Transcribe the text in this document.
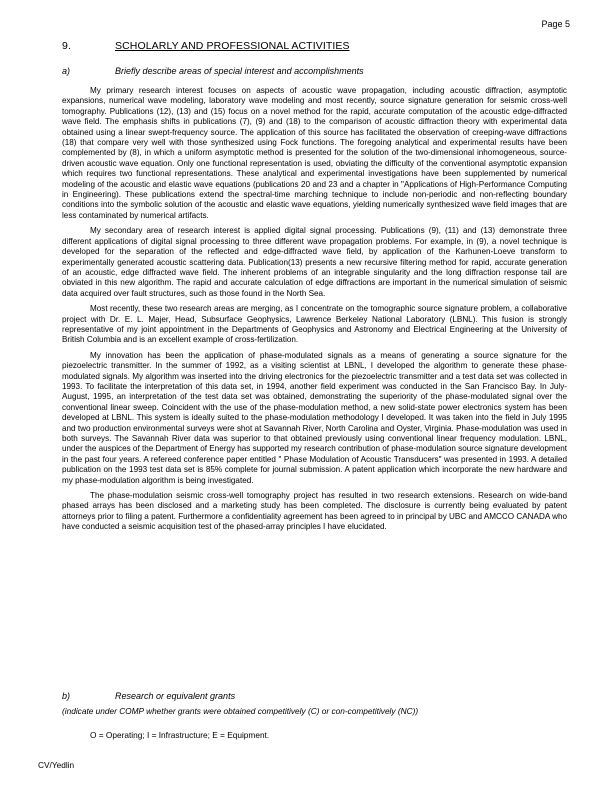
Page 5
9.	SCHOLARLY AND PROFESSIONAL ACTIVITIES
a)	Briefly describe areas of special interest and accomplishments

My primary research interest focuses on aspects of acoustic wave propagation, including acoustic diffraction, asymptotic expansions, numerical wave modeling, laboratory wave modeling and most recently, source signature generation for seismic cross-well tomography. Publications (12), (13) and (15) focus on a novel method for the rapid, accurate computation of the acoustic edge-diffracted wave field. The emphasis shifts in publications (7), (9) and (18) to the comparison of acoustic diffraction theory with experimental data obtained using a linear swept-frequency source. The application of this source has facilitated the observation of creeping-wave diffractions (18) that compare very well with those synthesized using Fock functions. The foregoing analytical and experimental results have been complemented by (8), in which a uniform asymptotic method is presented for the solution of the two-dimensional inhomogeneous, source-driven acoustic wave equation. Only one functional representation is used, obviating the difficulty of the conventional asymptotic expansion which requires two functional representations. These analytical and experimental investigations have been supplemented by numerical modeling of the acoustic and elastic wave equations (publications 20 and 23 and a chapter in "Applications of High-Performance Computing in Engineering). These publications extend the spectral-time marching technique to include non-periodic and non-reflecting boundary conditions into the symbolic solution of the acoustic and elastic wave equations, yielding numerically synthesized wave field images that are less contaminated by numerical artifacts.

My secondary area of research interest is applied digital signal processing. Publications (9), (11) and (13) demonstrate three different applications of digital signal processing to three different wave propagation problems. For example, in (9), a novel technique is developed for the separation of the reflected and edge-diffracted wave field, by application of the Karhunen-Loeve transform to experimentally generated acoustic scattering data. Publication(13) presents a new recursive filtering method for rapid, accurate generation of an acoustic, edge diffracted wave field. The inherent problems of an integrable singularity and the long diffraction response tail are obviated in this new algorithm. The rapid and accurate calculation of edge diffractions are important in the numerical simulation of seismic data acquired over fault structures, such as those found in the North Sea.

Most recently, these two research areas are merging, as I concentrate on the tomographic source signature problem, a collaborative project with Dr. E. L. Majer, Head, Subsurface Geophysics, Lawrence Berkeley National Laboratory (LBNL). This fusion is strongly representative of my joint appointment in the Departments of Geophysics and Astronomy and Electrical Engineering at the University of British Columbia and is an excellent example of cross-fertilization.

My innovation has been the application of phase-modulated signals as a means of generating a source signature for the piezoelectric transmitter. In the summer of 1992, as a visiting scientist at LBNL, I developed the algorithm to generate these phase-modulated signals. My algorithm was inserted into the driving electronics for the piezoelectric transmitter and a test data set was collected in 1993. To facilitate the interpretation of this data set, in 1994, another field experiment was conducted in the San Francisco Bay. In July-August, 1995, an interpretation of the test data set was obtained, demonstrating the superiority of the phase-modulated signal over the conventional linear sweep. Coincident with the use of the phase-modulation method, a new solid-state power electronics system has been developed at LBNL. This system is ideally suited to the phase-modulation methodology I developed. It was taken into the field in July 1995 and two production environmental surveys were shot at Savannah River, North Carolina and Oyster, Virginia. Phase-modulation was used in both surveys. The Savannah River data was superior to that obtained previously using conventional linear frequency modulation. LBNL, under the auspices of the Department of Energy has supported my research contribution of phase-modulation source signature development in the past four years. A refereed conference paper entitled " Phase Modulation of Acoustic Transducers" was presented in 1993. A detailed publication on the 1993 test data set is 85% complete for journal submission. A patent application which incorporate the new hardware and my phase-modulation algorithm is being investigated.

The phase-modulation seismic cross-well tomography project has resulted in two research extensions. Research on wide-band phased arrays has been disclosed and a marketing study has been completed. The disclosure is currently being evaluated by patent attorneys prior to filing a patent. Furthermore a confidentiality agreement has been agreed to in principal by UBC and AMCCO CANADA who have conducted a seismic acquisition test of the phased-array principles I have elucidated.

b)	Research or equivalent grants
(indicate under COMP whether grants were obtained competitively (C) or con-competitively (NC))
O = Operating; I = Infrastructure; E = Equipment.
CV/Yedlin
